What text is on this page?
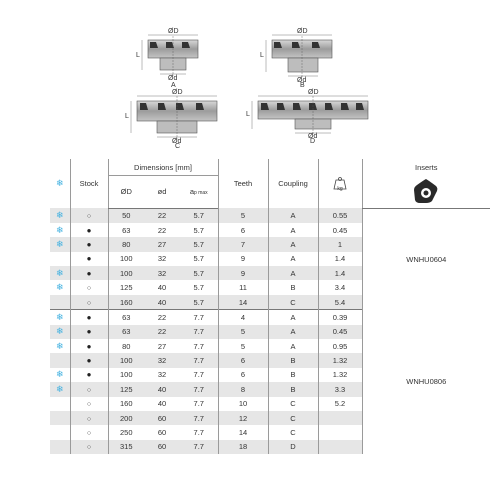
ØD
Ød
L
A
ØD
Ød
L
B
ØD
Ød
L
C
ØD
Ød
L
D
❄	Stock	Dimensions [mm]			Teeth	Coupling	kg	Inserts
		ØD	ød	ap max	
❄	○	50	22	5.7	5	A	0.55	WNHU0604
❄	●	63	22	5.7	6	A	0.45	
❄	●	80	27	5.7	7	A	1	
	●	100	32	5.7	9	A	1.4	
❄	●	100	32	5.7	9	A	1.4	
❄	○	125	40	5.7	11	B	3.4	
	○	160	40	5.7	14	C	5.4	
❄	●	63	22	7.7	4	A	0.39	WNHU0806
❄	●	63	22	7.7	5	A	0.45	
❄	●	80	27	7.7	5	A	0.95	
	●	100	32	7.7	6	B	1.32	
❄	●	100	32	7.7	6	B	1.32	
❄	○	125	40	7.7	8	B	3.3	
	○	160	40	7.7	10	C	5.2	
	○	200	60	7.7	12	C		
	○	250	60	7.7	14	C		
	○	315	60	7.7	18	D		
